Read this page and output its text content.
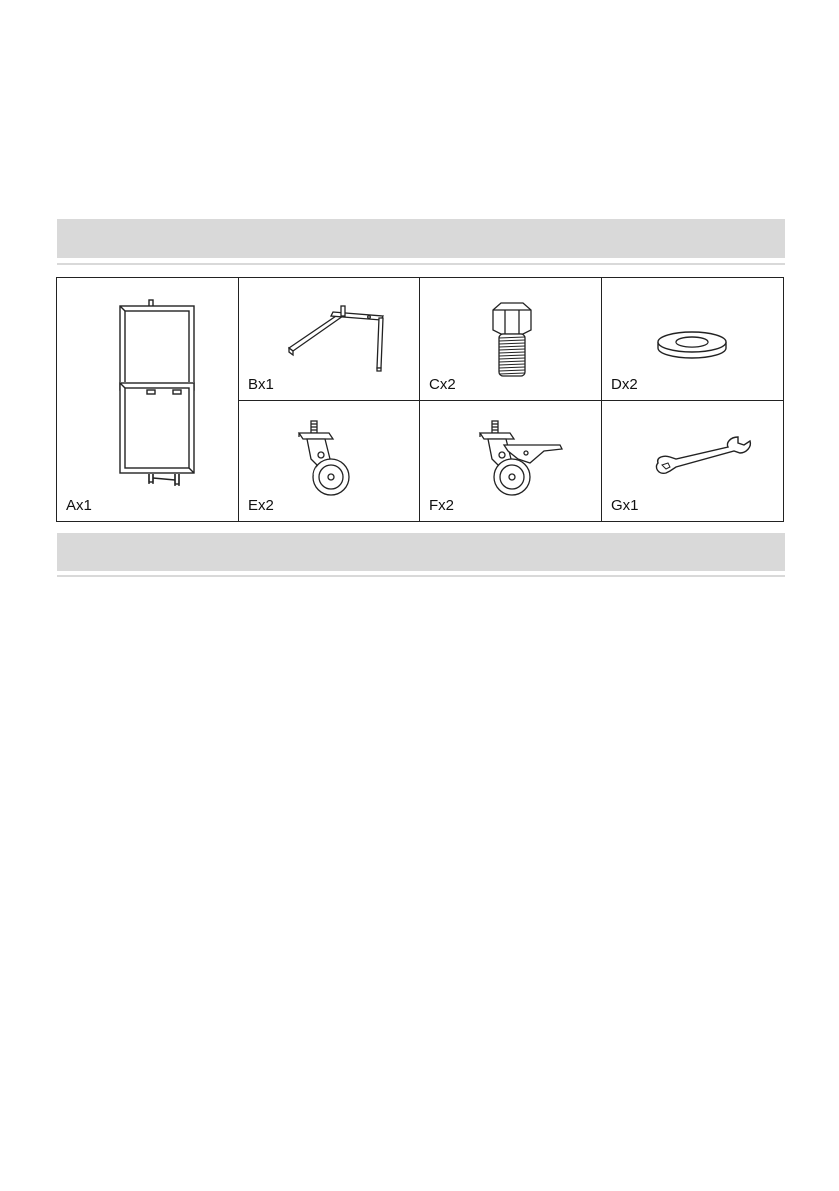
Ax1
Bx1	Cx2	Dx2
Ex2	Fx2	Gx1
